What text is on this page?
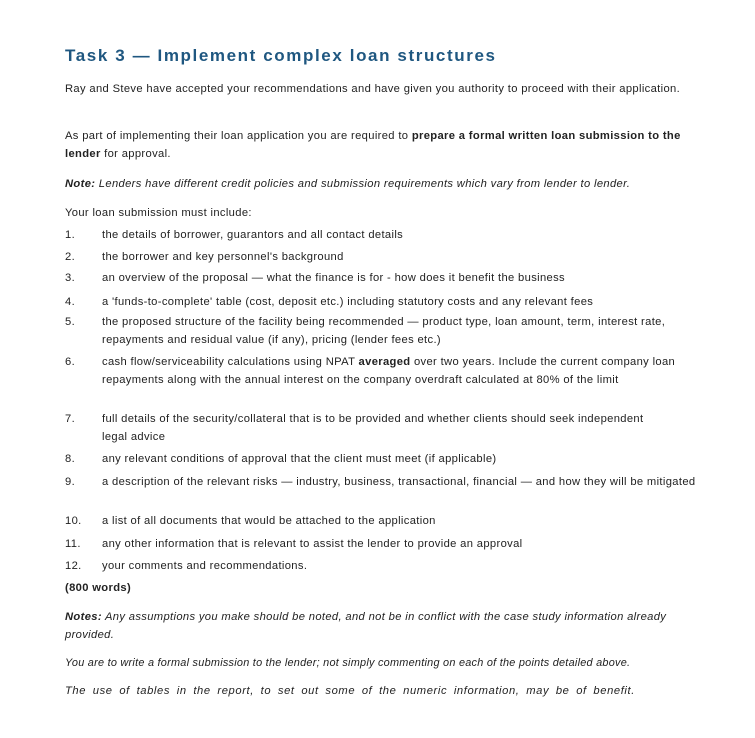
Task 3 — Implement complex loan structures
Ray and Steve have accepted your recommendations and have given you authority to proceed with their application.
As part of implementing their loan application you are required to prepare a formal written loan submission to the lender for approval.
Note: Lenders have different credit policies and submission requirements which vary from lender to lender.
Your loan submission must include:
1. the details of borrower, guarantors and all contact details
2. the borrower and key personnel's background
3. an overview of the proposal — what the finance is for - how does it benefit the business
4. a 'funds-to-complete' table (cost, deposit etc.) including statutory costs and any relevant fees
5. the proposed structure of the facility being recommended — product type, loan amount, term, interest rate, repayments and residual value (if any), pricing (lender fees etc.)
6. cash flow/serviceability calculations using NPAT averaged over two years. Include the current company loan repayments along with the annual interest on the company overdraft calculated at 80% of the limit
7. full details of the security/collateral that is to be provided and whether clients should seek independent legal advice
8. any relevant conditions of approval that the client must meet (if applicable)
9. a description of the relevant risks — industry, business, transactional, financial — and how they will be mitigated
10. a list of all documents that would be attached to the application
11. any other information that is relevant to assist the lender to provide an approval
12. your comments and recommendations.
(800 words)
Notes: Any assumptions you make should be noted, and not be in conflict with the case study information already provided.
You are to write a formal submission to the lender; not simply commenting on each of the points detailed above.
The use of tables in the report, to set out some of the numeric information, may be of benefit.
